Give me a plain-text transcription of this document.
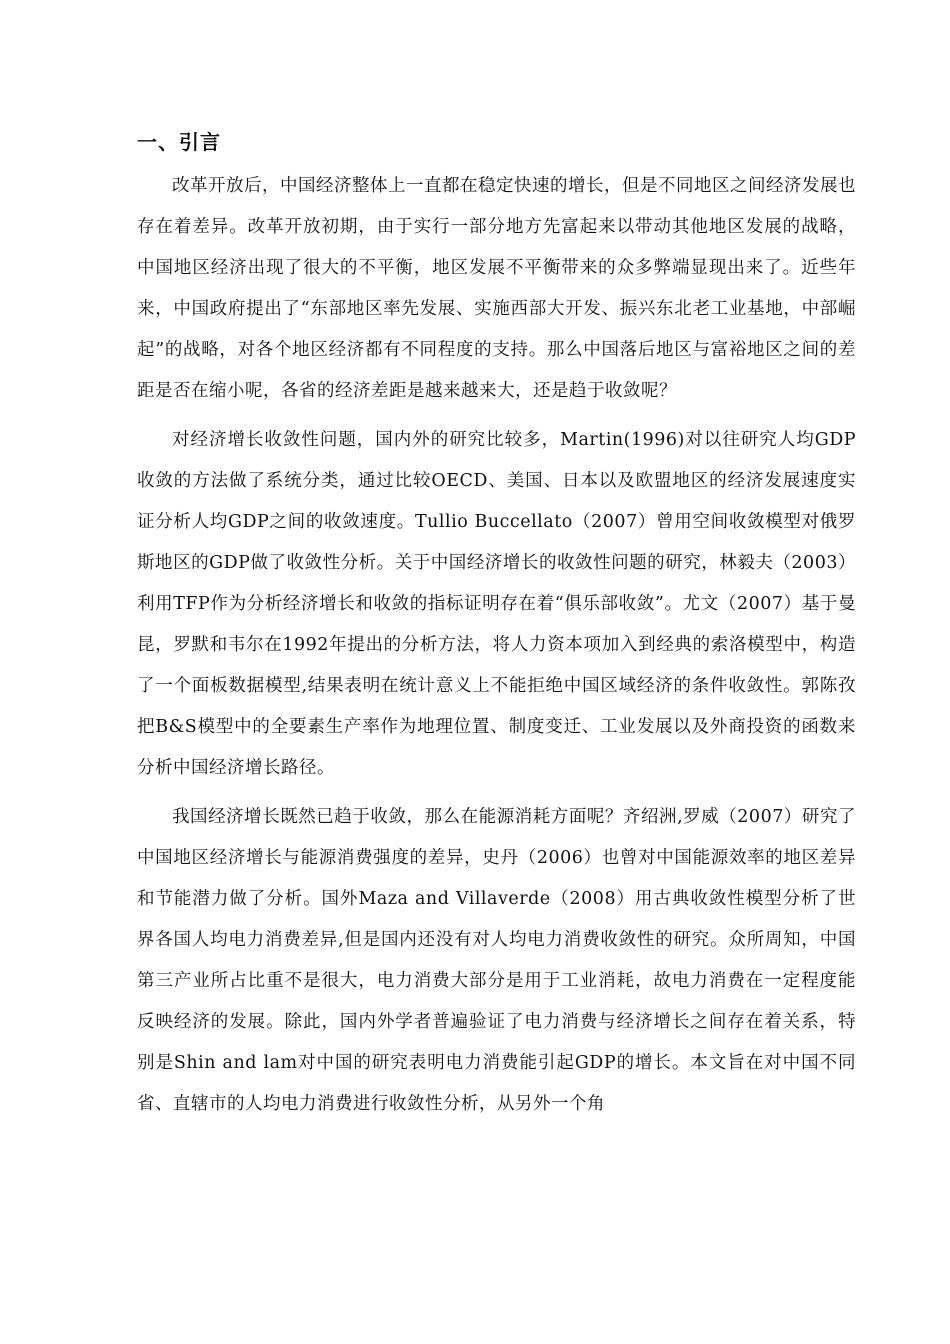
一、引言

改革开放后，中国经济整体上一直都在稳定快速的增长，但是不同地区之间经济发展也存在着差异。改革开放初期，由于实行一部分地方先富起来以带动其他地区发展的战略，中国地区经济出现了很大的不平衡，地区发展不平衡带来的众多弊端显现出来了。近些年来，中国政府提出了“东部地区率先发展、实施西部大开发、振兴东北老工业基地，中部崛起”的战略，对各个地区经济都有不同程度的支持。那么中国落后地区与富裕地区之间的差距是否在缩小呢，各省的经济差距是越来越来大，还是趋于收敛呢？

对经济增长收敛性问题，国内外的研究比较多，Martin(1996)对以往研究人均GDP收敛的方法做了系统分类，通过比较OECD、美国、日本以及欧盟地区的经济发展速度实证分析人均GDP之间的收敛速度。Tullio Buccellato（2007）曾用空间收敛模型对俄罗斯地区的GDP做了收敛性分析。关于中国经济增长的收敛性问题的研究，林毅夫（2003）利用TFP作为分析经济增长和收敛的指标证明存在着“俱乐部收敛”。尤文（2007）基于曼昆，罗默和韦尔在1992年提出的分析方法，将人力资本项加入到经典的索洛模型中，构造了一个面板数据模型,结果表明在统计意义上不能拒绝中国区域经济的条件收敛性。郭陈孜把B&S模型中的全要素生产率作为地理位置、制度变迁、工业发展以及外商投资的函数来分析中国经济增长路径。

我国经济增长既然已趋于收敛，那么在能源消耗方面呢？齐绍洲,罗威（2007）研究了中国地区经济增长与能源消费强度的差异，史丹（2006）也曾对中国能源效率的地区差异和节能潜力做了分析。国外Maza and Villaverde（2008）用古典收敛性模型分析了世界各国人均电力消费差异,但是国内还没有对人均电力消费收敛性的研究。众所周知，中国第三产业所占比重不是很大，电力消费大部分是用于工业消耗，故电力消费在一定程度能反映经济的发展。除此，国内外学者普遍验证了电力消费与经济增长之间存在着关系，特别是Shin and lam对中国的研究表明电力消费能引起GDP的增长。本文旨在对中国不同省、直辖市的人均电力消费进行收敛性分析，从另外一个角
